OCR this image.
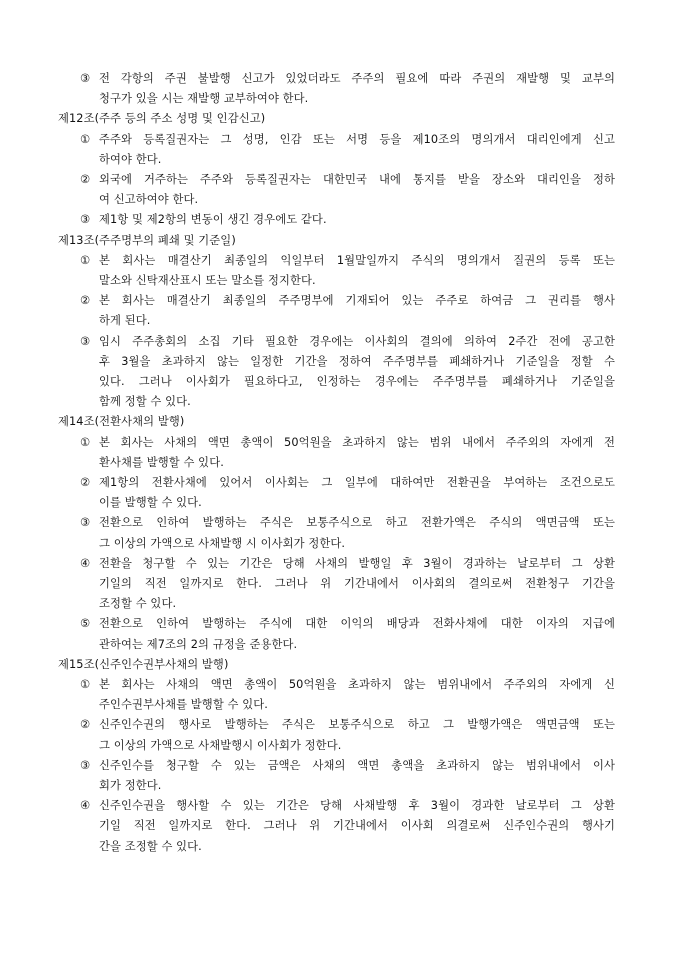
③ 전 각항의 주권 불발행 신고가 있었더라도 주주의 필요에 따라 주권의 재발행 및 교부의
청구가 있을 시는 재발행 교부하여야 한다.
제12조(주주 등의 주소 성명 및 인감신고)
① 주주와 등록질권자는 그 성명, 인감 또는 서명 등을 제10조의 명의개서 대리인에게 신고
하여야 한다.
② 외국에 거주하는 주주와 등록질권자는 대한민국 내에 통지를 받을 장소와 대리인을 정하
여 신고하여야 한다.
③ 제1항 및 제2항의 변동이 생긴 경우에도 같다.
제13조(주주명부의 폐쇄 및 기준일)
① 본 회사는 매결산기 최종일의 익일부터 1월말일까지 주식의 명의개서 질권의 등록 또는
말소와 신탁재산표시 또는 말소를 정지한다.
② 본 회사는 매결산기 최종일의 주주명부에 기재되어 있는 주주로 하여금 그 권리를 행사
하게 된다.
③ 임시 주주총회의 소집 기타 필요한 경우에는 이사회의 결의에 의하여 2주간 전에 공고한
후 3월을 초과하지 않는 일정한 기간을 정하여 주주명부를 폐쇄하거나 기준일을 정할 수
있다. 그러나 이사회가 필요하다고, 인정하는 경우에는 주주명부를 폐쇄하거나 기준일을
함께 정할 수 있다.
제14조(전환사채의 발행)
① 본 회사는 사채의 액면 총액이 50억원을 초과하지 않는 범위 내에서 주주외의 자에게 전
환사채를 발행할 수 있다.
② 제1항의 전환사채에 있어서 이사회는 그 일부에 대하여만 전환권을 부여하는 조건으로도
이를 발행할 수 있다.
③ 전환으로 인하여 발행하는 주식은 보통주식으로 하고 전환가액은 주식의 액면금액 또는
그 이상의 가액으로 사채발행 시 이사회가 정한다.
④ 전환을 청구할 수 있는 기간은 당해 사채의 발행일 후 3월이 경과하는 날로부터 그 상환
기일의 직전 일까지로 한다. 그러나 위 기간내에서 이사회의 결의로써 전환청구 기간을
조정할 수 있다.
⑤ 전환으로 인하여 발행하는 주식에 대한 이익의 배당과 전화사채에 대한 이자의 지급에
관하여는 제7조의 2의 규정을 준용한다.
제15조(신주인수권부사채의 발행)
① 본 회사는 사채의 액면 총액이 50억원을 초과하지 않는 범위내에서 주주외의 자에게 신
주인수권부사채를 발행할 수 있다.
② 신주인수권의 행사로 발행하는 주식은 보통주식으로 하고 그 발행가액은 액면금액 또는
그 이상의 가액으로 사채발행시 이사회가 정한다.
③ 신주인수를 청구할 수 있는 금액은 사채의 액면 총액을 초과하지 않는 범위내에서 이사
회가 정한다.
④ 신주인수권을 행사할 수 있는 기간은 당해 사채발행 후 3월이 경과한 날로부터 그 상환
기일 직전 일까지로 한다. 그러나 위 기간내에서 이사회 의결로써 신주인수권의 행사기
간을 조정할 수 있다.
